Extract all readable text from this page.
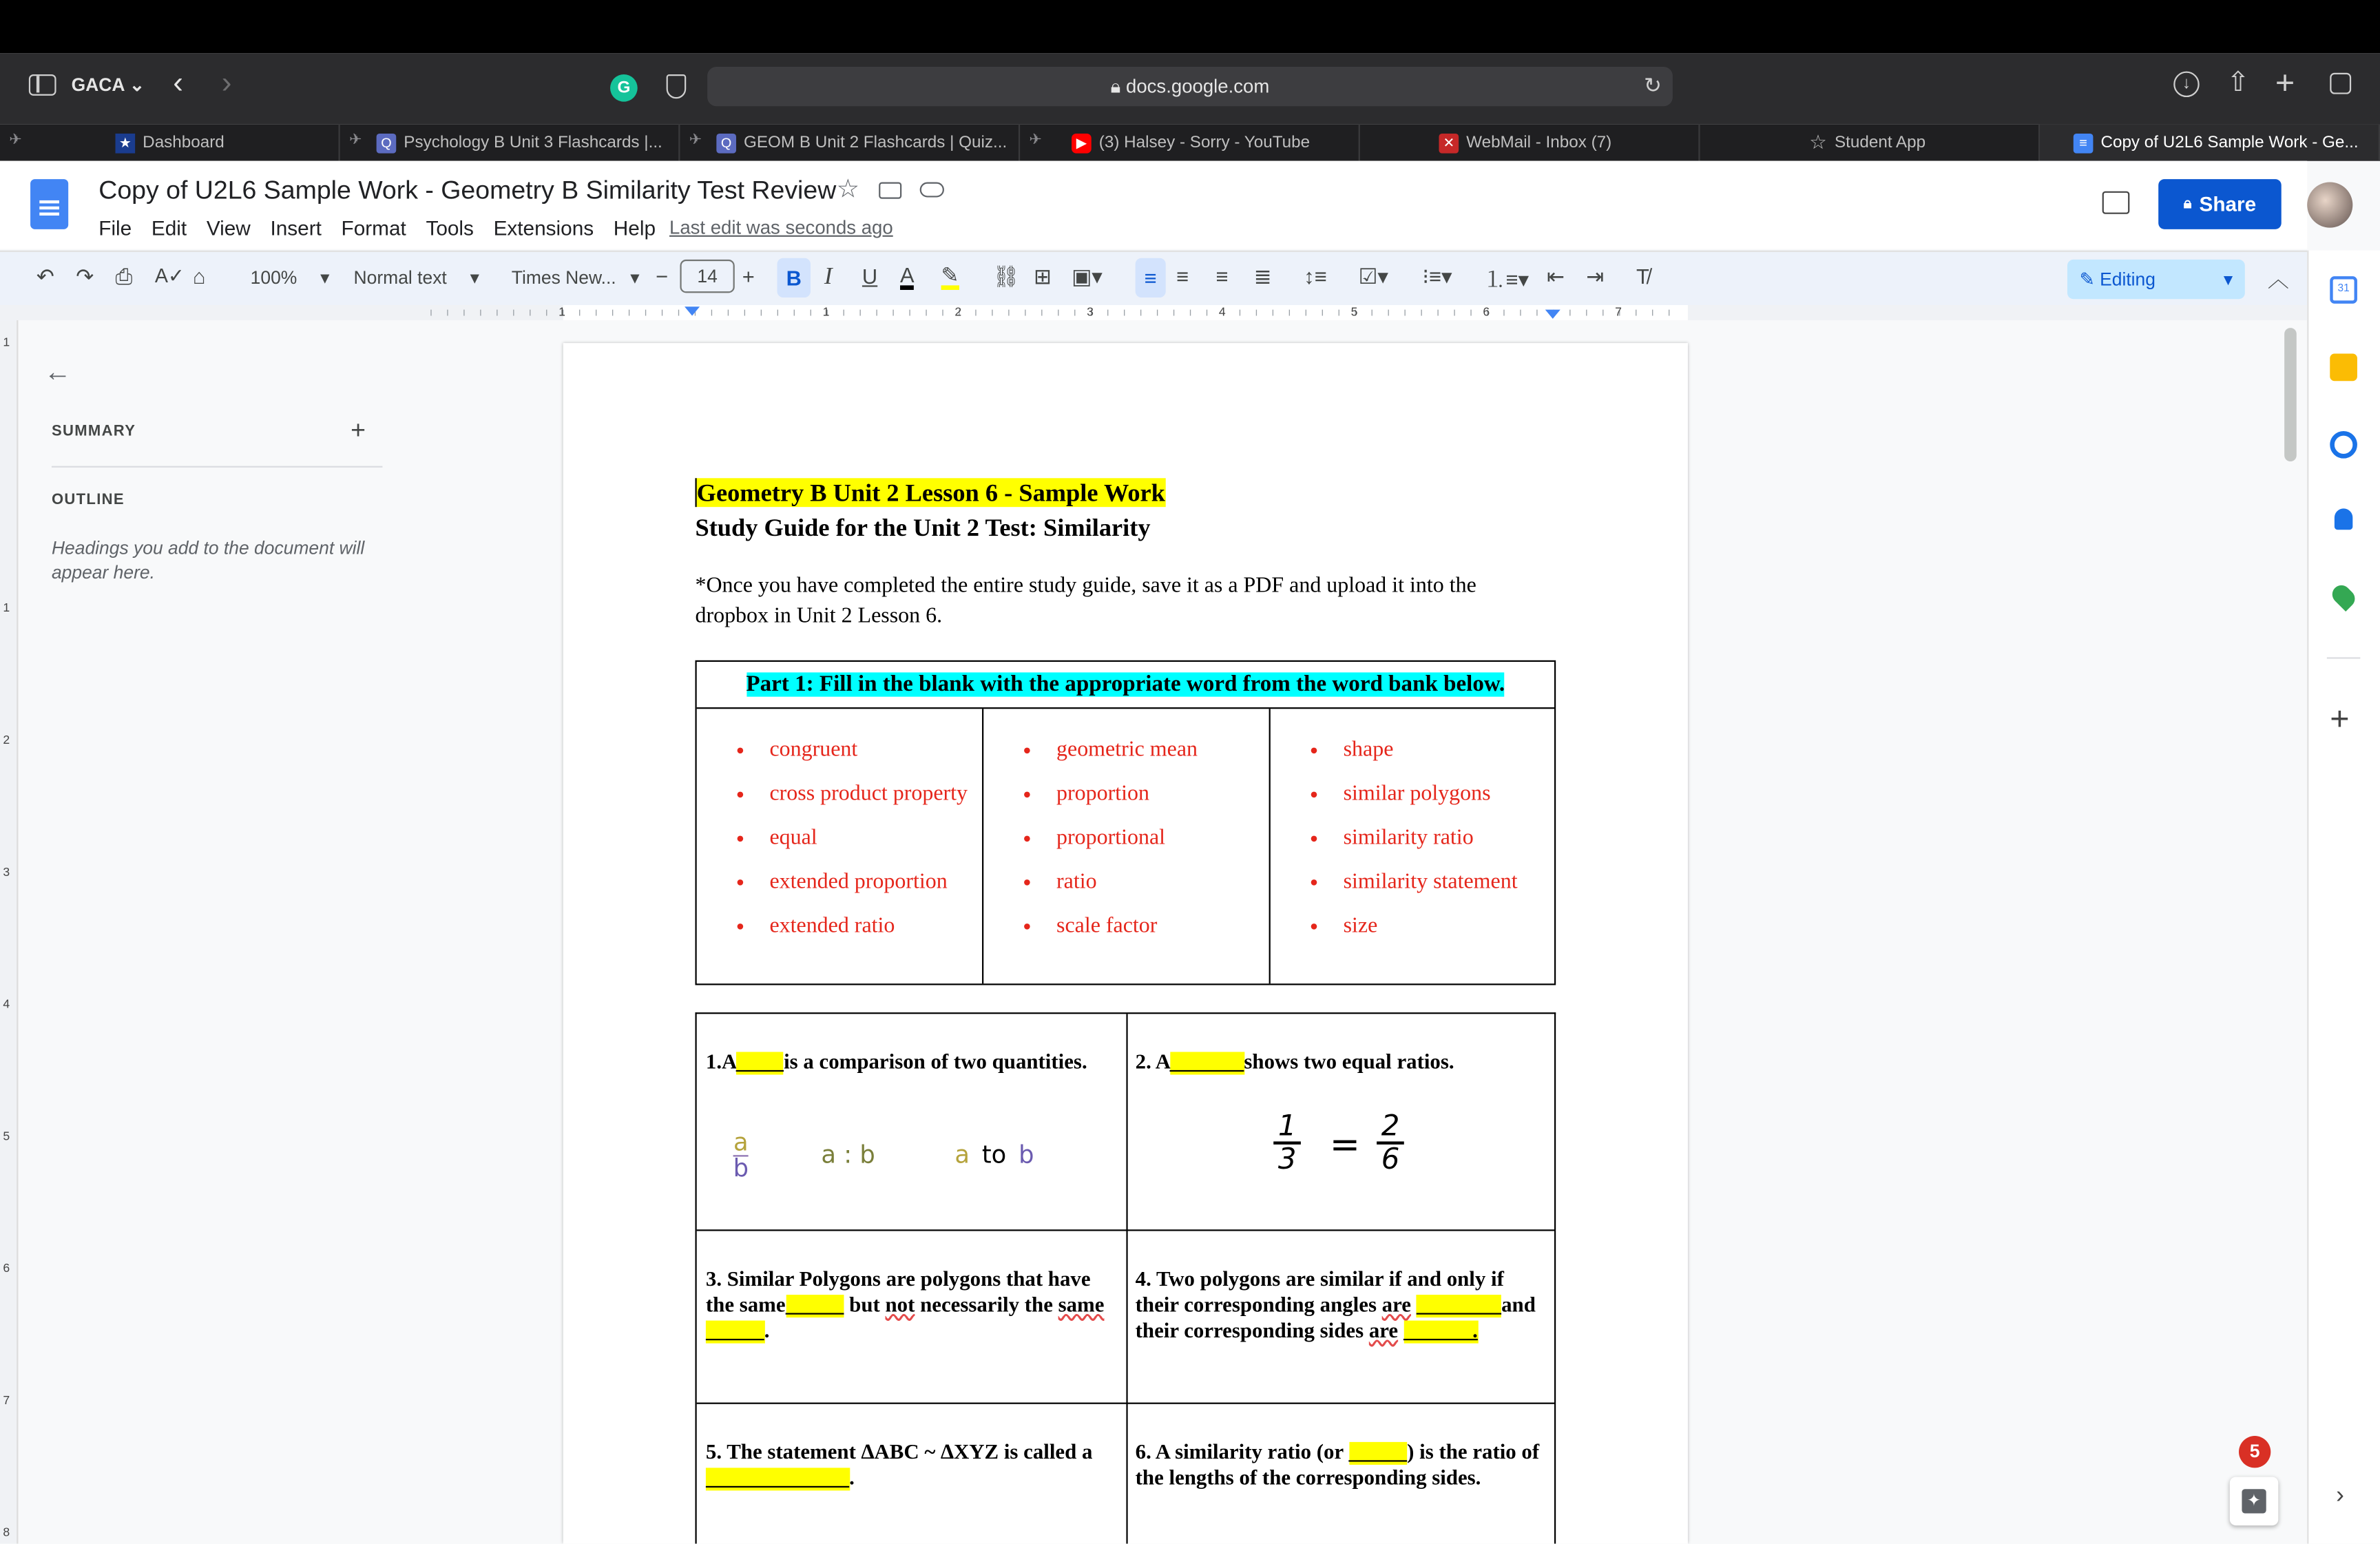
GACA ⌄ ‹	›	G	🔒︎ docs.google.com	↻	↓	⇧ +
✈︎	★	Dashboard	✈︎	Q	Psychology B Unit 3 Flashcards |...	✈︎	Q	GEOM B Unit 2 Flashcards | Quiz...	✈︎	▶	(3) Halsey - Sorry - YouTube	✕	WebMail - Inbox (7)	☆ Student App	≡	Copy of U2L6 Sample Work - Ge...
Copy of U2L6 Sample Work - Geometry B Similarity Test Review ☆
File Edit View Insert Format Tools Extensions Help	Last edit was seconds ago
🔒︎ Share
↶ ↷ ⎙	A✓ ⌂	100%	▾	Normal text	▾	Times New... ▾ −	14	+	B	I	U A	✎	⛓ ⊞ ▣▾	≡	≡	≡	≣	↕≡	☑▾	⁝≡▾	⒈≡▾ ⇤ ⇥	T̸	✎ Editing	▾	︿
1	1	2	3	4	5	6	7
1
1
2
3
4
5
6
7
8
←
SUMMARY	+
OUTLINE
Headings you add to the document will appear here.
Geometry B Unit 2 Lesson 6 - Sample Work
Study Guide for the Unit 2 Test: Similarity
*Once you have completed the entire study guide, save it as a PDF and upload it into the dropbox in Unit 2 Lesson 6.
Part 1: Fill in the blank with the appropriate word from the word bank below.
● congruent
● cross product property
● equal
● extended proportion
● extended ratio
● geometric mean
● proportion
● proportional
● ratio
● scale factor
● shape
● similar polygons
● similarity ratio
● similarity statement
● size
1.A	is a comparison of two quantities.
$\frac{a}{b}$	a : b	a to b
2. A	shows two equal ratios.
$\frac{1}{3} = \frac{2}{6}$
3. Similar Polygons are polygons that have the same	but not necessarily the same           .
4. Two polygons are similar if and only if their corresponding angles are	and their corresponding sides are              .
5. The statement ∆ABC ~ ∆XYZ is called a                            .
6. A similarity ratio (or	) is the ratio of the lengths of the corresponding sides.
31
+
›
5
✦
